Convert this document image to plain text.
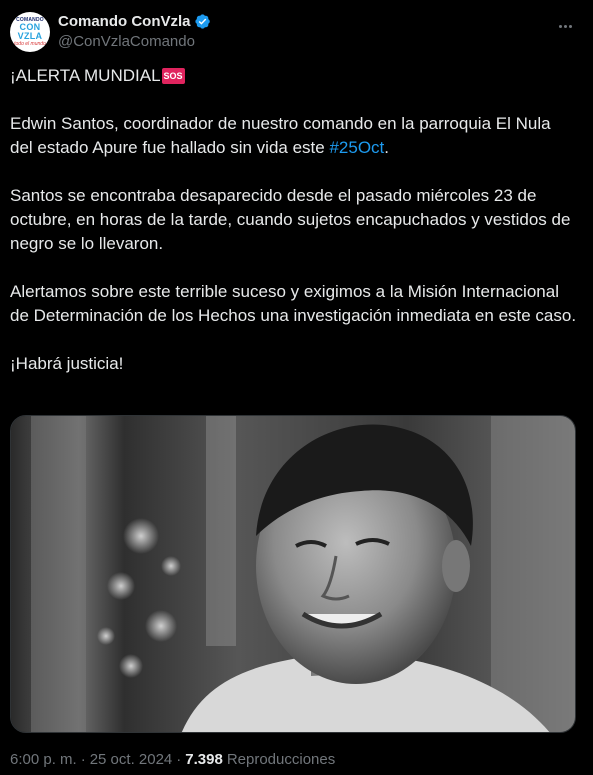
COMANDO
CON
VZLA
todo el mundo
Comando ConVzla
@ConVzlaComando

¡ALERTA MUNDIAL SOS

Edwin Santos, coordinador de nuestro comando en la parroquia El Nula del estado Apure fue hallado sin vida este #25Oct.

Santos se encontraba desaparecido desde el pasado miércoles 23 de octubre, en horas de la tarde, cuando sujetos encapuchados y vestidos de negro se lo llevaron.

Alertamos sobre este terrible suceso y exigimos a la Misión Internacional de Determinación de los Hechos una investigación inmediata en este caso.

¡Habrá justicia!

6:00 p. m. · 25 oct. 2024 · 7.398 Reproducciones
